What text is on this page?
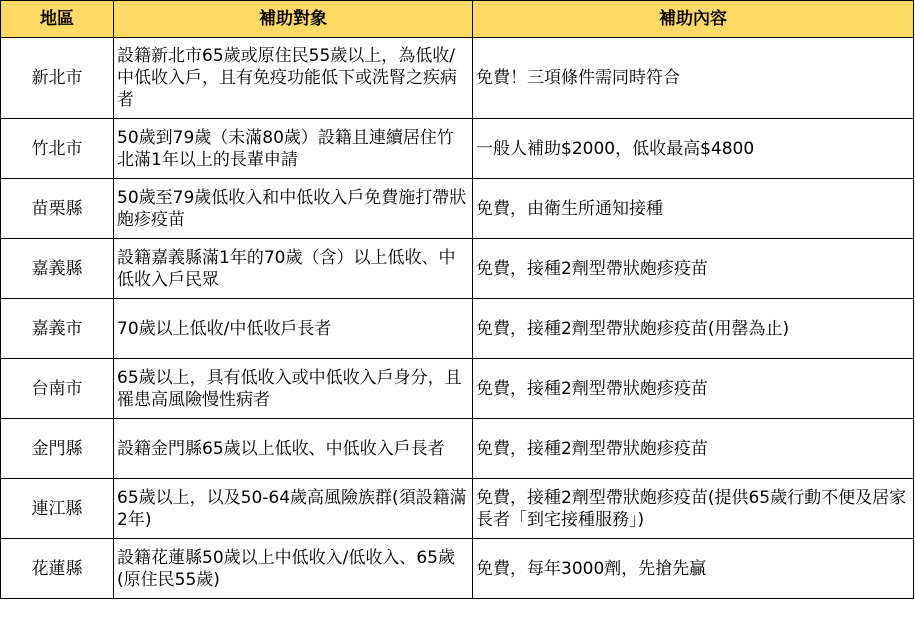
地區	補助對象	補助內容
新北市	設籍新北市65歲或原住民55歲以上，為低收/中低收入戶，且有免疫功能低下或洗腎之疾病者	免費！三項條件需同時符合
竹北市	50歲到79歲（未滿80歲）設籍且連續居住竹北滿1年以上的長輩申請	一般人補助$2000，低收最高$4800
苗栗縣	50歲至79歲低收入和中低收入戶免費施打帶狀皰疹疫苗	免費，由衛生所通知接種
嘉義縣	設籍嘉義縣滿1年的70歲（含）以上低收、中低收入戶民眾	免費，接種2劑型帶狀皰疹疫苗
嘉義市	70歲以上低收/中低收戶長者	免費，接種2劑型帶狀皰疹疫苗(用罄為止)
台南市	65歲以上，具有低收入或中低收入戶身分，且罹患高風險慢性病者	免費，接種2劑型帶狀皰疹疫苗
金門縣	設籍金門縣65歲以上低收、中低收入戶長者	免費，接種2劑型帶狀皰疹疫苗
連江縣	65歲以上，以及50-64歲高風險族群(須設籍滿2年)	免費，接種2劑型帶狀皰疹疫苗(提供65歲行動不便及居家長者「到宅接種服務」)
花蓮縣	設籍花蓮縣50歲以上中低收入/低收入、65歲(原住民55歲)	免費，每年3000劑，先搶先贏
